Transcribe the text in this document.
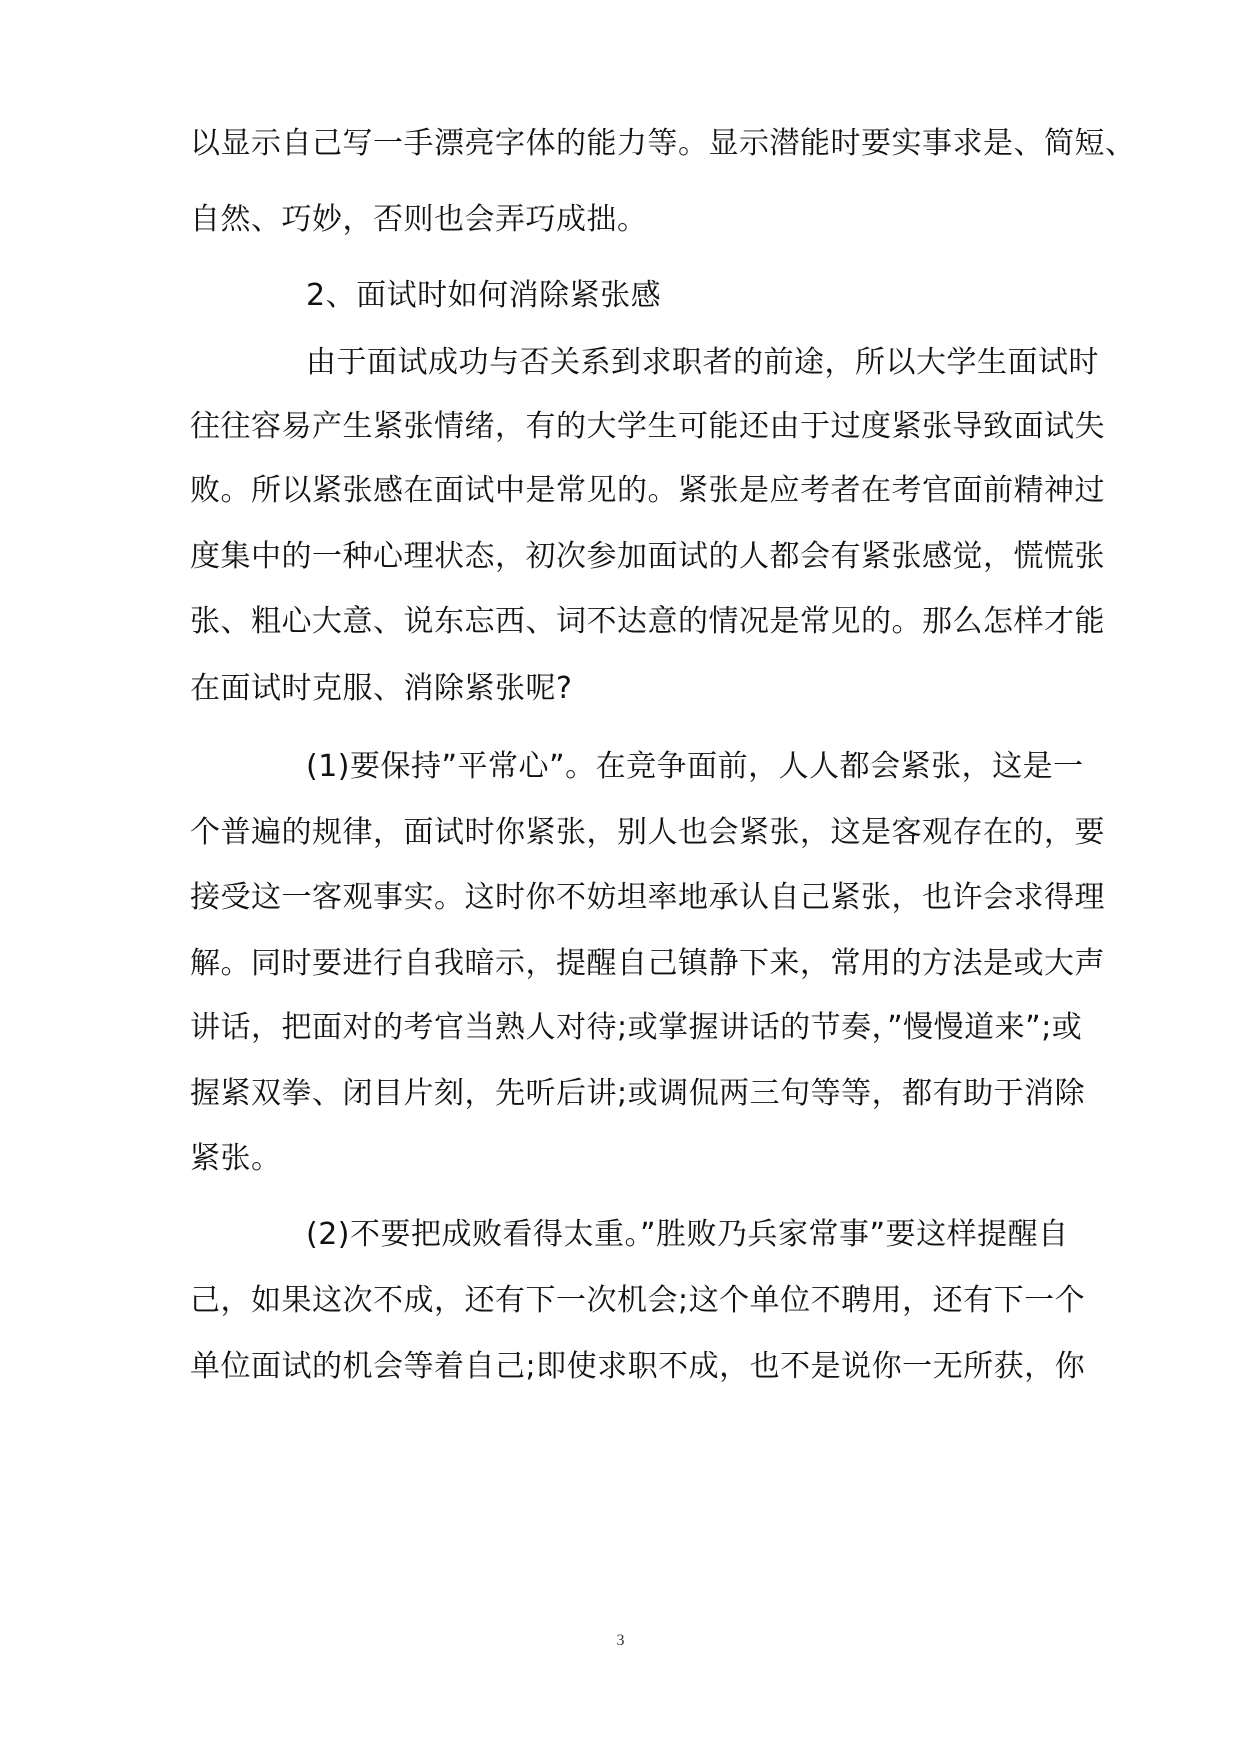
以显示自己写一手漂亮字体的能力等。显示潜能时要实事求是、简短、
自然、巧妙，否则也会弄巧成拙。
2、面试时如何消除紧张感
由于面试成功与否关系到求职者的前途，所以大学生面试时
往往容易产生紧张情绪，有的大学生可能还由于过度紧张导致面试失
败。所以紧张感在面试中是常见的。紧张是应考者在考官面前精神过
度集中的一种心理状态，初次参加面试的人都会有紧张感觉，慌慌张
张、粗心大意、说东忘西、词不达意的情况是常见的。那么怎样才能
在面试时克服、消除紧张呢?
(1)要保持”平常心”。在竞争面前，人人都会紧张，这是一
个普遍的规律，面试时你紧张，别人也会紧张，这是客观存在的，要
接受这一客观事实。这时你不妨坦率地承认自己紧张，也许会求得理
解。同时要进行自我暗示，提醒自己镇静下来，常用的方法是或大声
讲话，把面对的考官当熟人对待;或掌握讲话的节奏，”慢慢道来”;或
握紧双拳、闭目片刻，先听后讲;或调侃两三句等等，都有助于消除
紧张。
(2)不要把成败看得太重。”胜败乃兵家常事”要这样提醒自
己，如果这次不成，还有下一次机会;这个单位不聘用，还有下一个
单位面试的机会等着自己;即使求职不成，也不是说你一无所获，你
3
